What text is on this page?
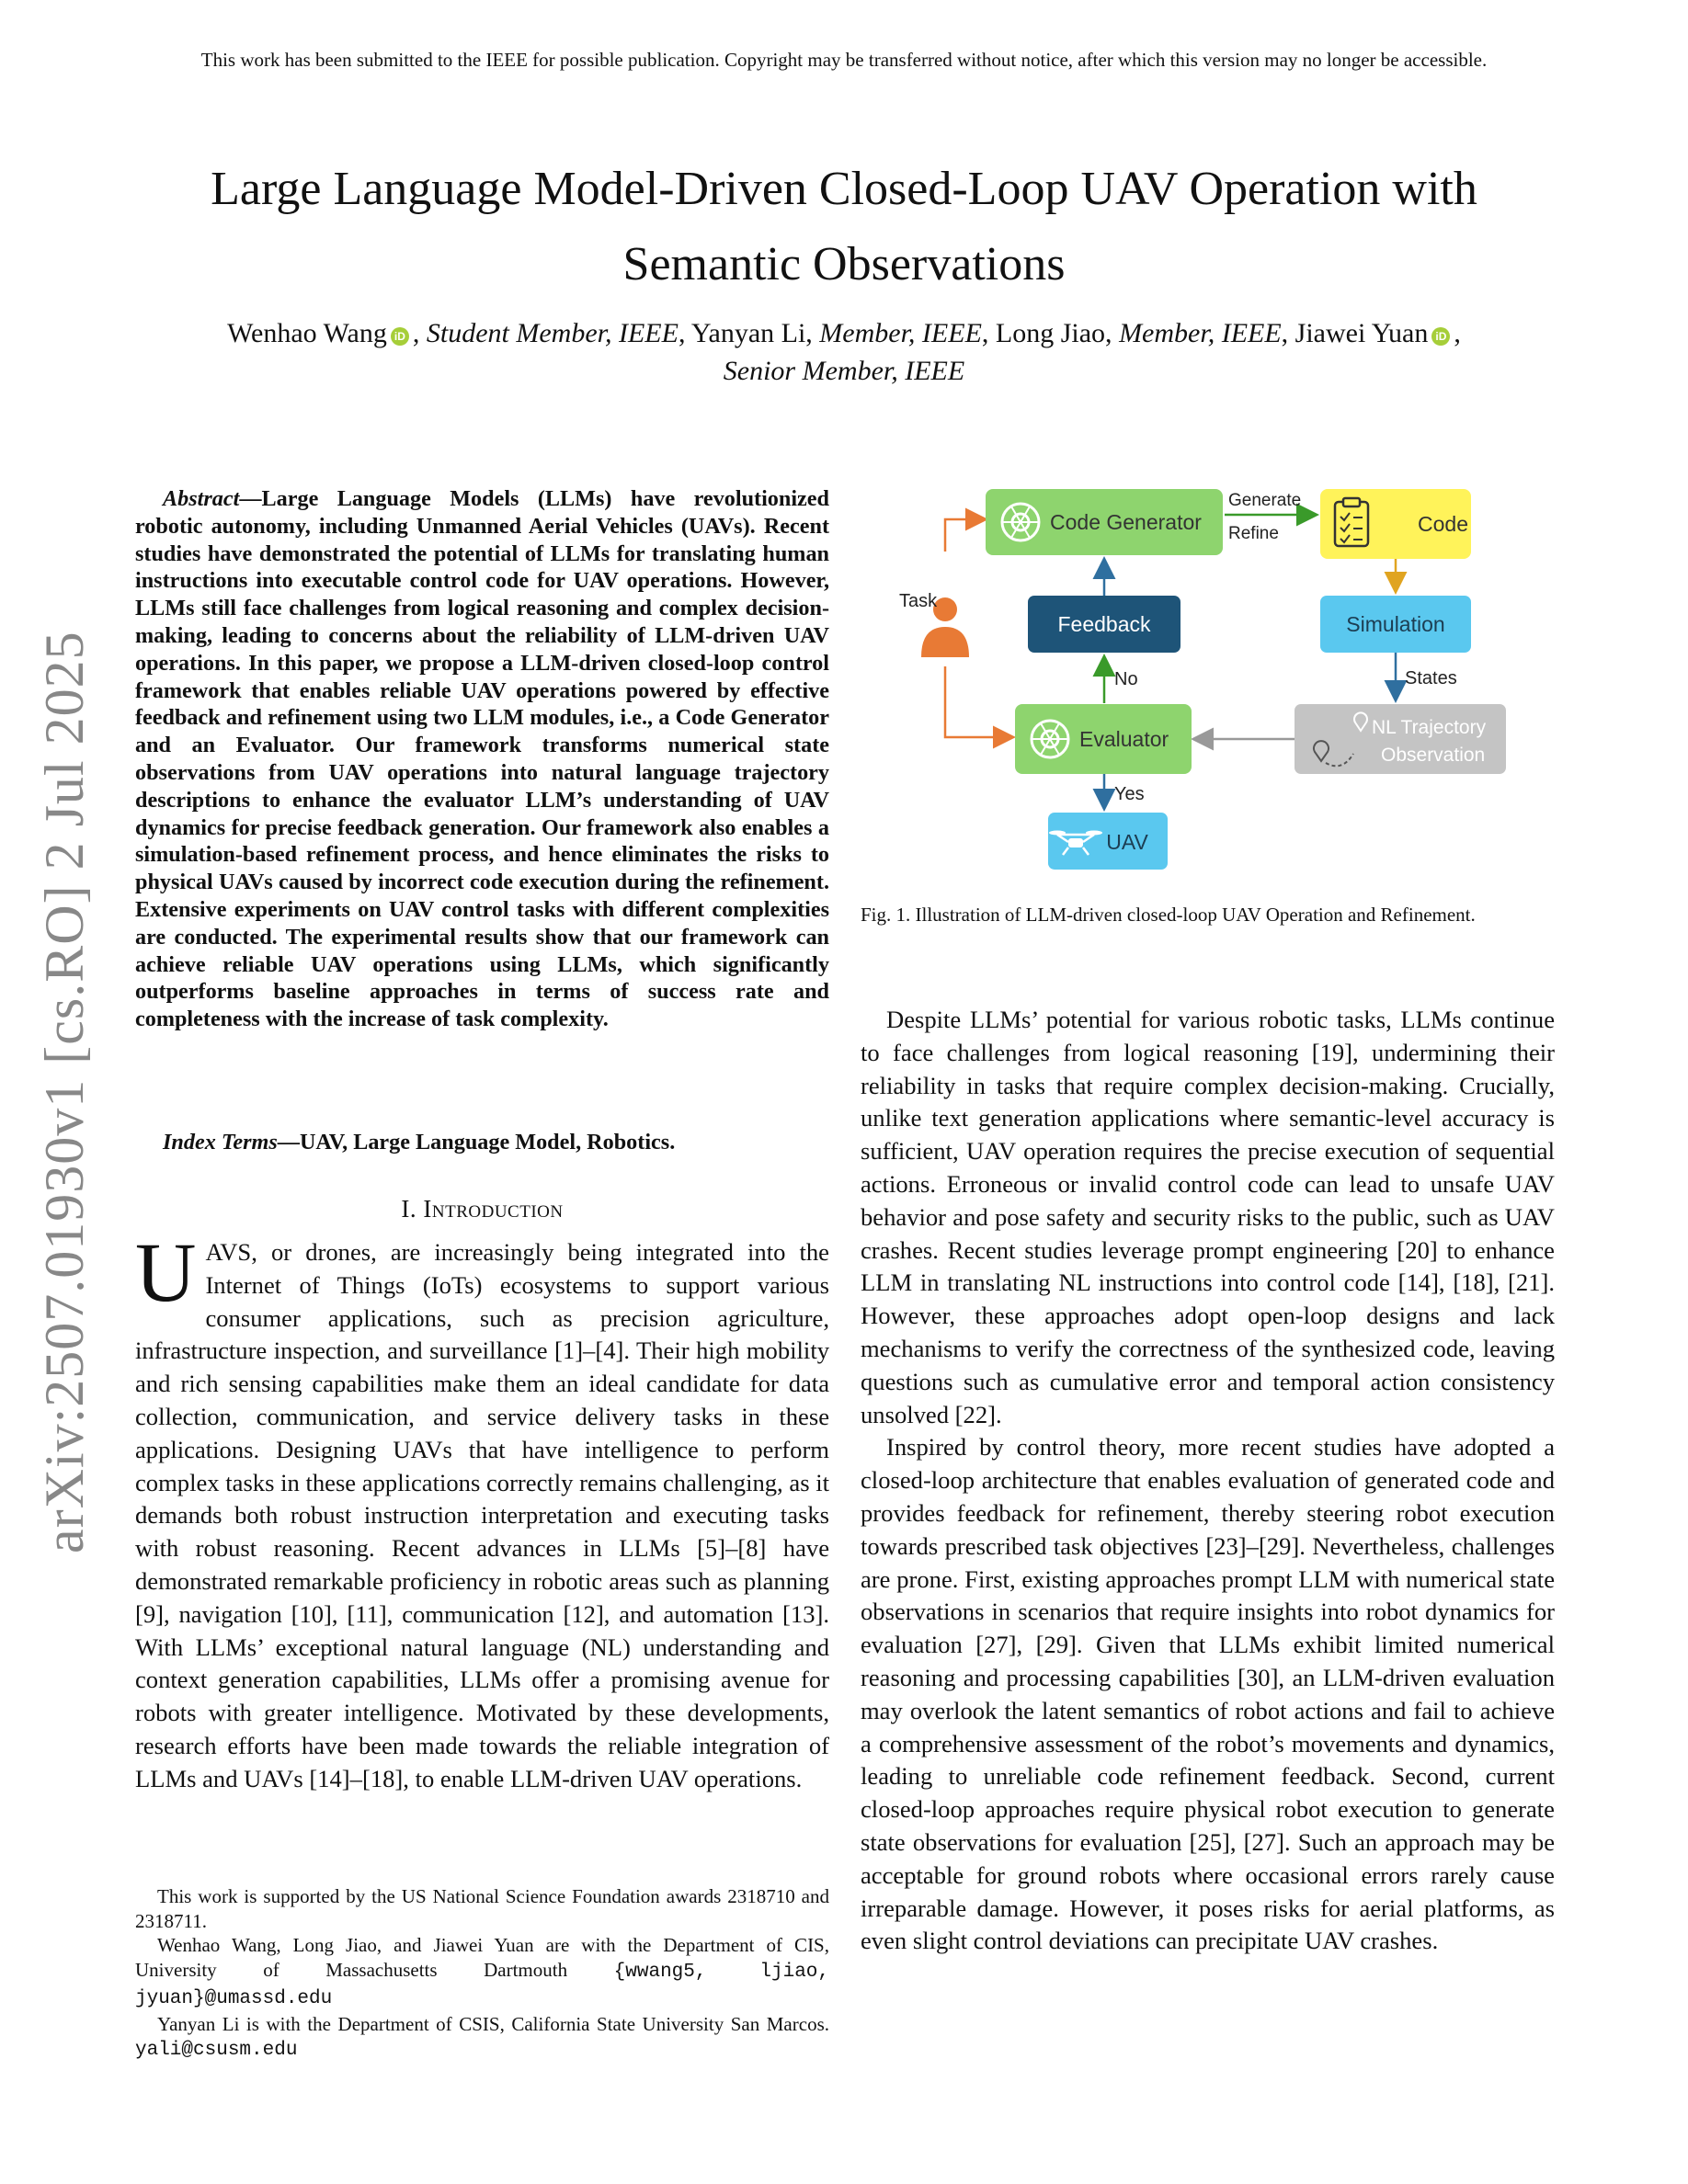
This work has been submitted to the IEEE for possible publication. Copyright may be transferred without notice, after which this version may no longer be accessible.
Large Language Model-Driven Closed-Loop UAV Operation with
Semantic Observations
Wenhao Wang iD , Student Member, IEEE, Yanyan Li, Member, IEEE, Long Jiao, Member, IEEE, Jiawei Yuan iD ,
Senior Member, IEEE
arXiv:2507.01930v1 [cs.RO] 2 Jul 2025

Abstract—Large Language Models (LLMs) have revolutionized robotic autonomy, including Unmanned Aerial Vehicles (UAVs). Recent studies have demonstrated the potential of LLMs for translating human instructions into executable control code for UAV operations. However, LLMs still face challenges from logical reasoning and complex decision-making, leading to concerns about the reliability of LLM-driven UAV operations. In this paper, we propose a LLM-driven closed-loop control framework that enables reliable UAV operations powered by effective feedback and refinement using two LLM modules, i.e., a Code Generator and an Evaluator. Our framework transforms numerical state observations from UAV operations into natural language trajectory descriptions to enhance the evaluator LLM’s understanding of UAV dynamics for precise feedback generation. Our framework also enables a simulation-based refinement process, and hence eliminates the risks to physical UAVs caused by incorrect code execution during the refinement. Extensive experiments on UAV control tasks with different complexities are conducted. The experimental results show that our framework can achieve reliable UAV operations using LLMs, which significantly outperforms baseline approaches in terms of success rate and completeness with the increase of task complexity.

Index Terms—UAV, Large Language Model, Robotics.

I. Introduction

UAVS, or drones, are increasingly being integrated into the Internet of Things (IoTs) ecosystems to support various consumer applications, such as precision agriculture, infrastructure inspection, and surveillance [1]–[4]. Their high mobility and rich sensing capabilities make them an ideal candidate for data collection, communication, and service delivery tasks in these applications. Designing UAVs that have intelligence to perform complex tasks in these applications correctly remains challenging, as it demands both robust instruction interpretation and executing tasks with robust reasoning. Recent advances in LLMs [5]–[8] have demonstrated remarkable proficiency in robotic areas such as planning [9], navigation [10], [11], communication [12], and automation [13]. With LLMs’ exceptional natural language (NL) understanding and context generation capabilities, LLMs offer a promising avenue for robots with greater intelligence. Motivated by these developments, research efforts have been made towards the reliable integration of LLMs and UAVs [14]–[18], to enable LLM-driven UAV operations.

This work is supported by the US National Science Foundation awards 2318710 and 2318711.

Wenhao Wang, Long Jiao, and Jiawei Yuan are with the Department of CIS, University of Massachusetts Dartmouth {wwang5, ljiao, jyuan}@umassd.edu

Yanyan Li is with the Department of CSIS, California State University San Marcos. yali@csusm.edu

Task
Code Generator
Generate
Refine	Code
Feedback	Simulation
States
No
NL Trajectory
Observation
Evaluator
Yes
UAV
Fig. 1. Illustration of LLM-driven closed-loop UAV Operation and Refinement.

Despite LLMs’ potential for various robotic tasks, LLMs continue to face challenges from logical reasoning [19], undermining their reliability in tasks that require complex decision-making. Crucially, unlike text generation applications where semantic-level accuracy is sufficient, UAV operation requires the precise execution of sequential actions. Erroneous or invalid control code can lead to unsafe UAV behavior and pose safety and security risks to the public, such as UAV crashes. Recent studies leverage prompt engineering [20] to enhance LLM in translating NL instructions into control code [14], [18], [21]. However, these approaches adopt open-loop designs and lack mechanisms to verify the correctness of the synthesized code, leaving questions such as cumulative error and temporal action consistency unsolved [22].

Inspired by control theory, more recent studies have adopted a closed-loop architecture that enables evaluation of generated code and provides feedback for refinement, thereby steering robot execution towards prescribed task objectives [23]–[29]. Nevertheless, challenges are prone. First, existing approaches prompt LLM with numerical state observations in scenarios that require insights into robot dynamics for evaluation [27], [29]. Given that LLMs exhibit limited numerical reasoning and processing capabilities [30], an LLM-driven evaluation may overlook the latent semantics of robot actions and fail to achieve a comprehensive assessment of the robot’s movements and dynamics, leading to unreliable code refinement feedback. Second, current closed-loop approaches require physical robot execution to generate state observations for evaluation [25], [27]. Such an approach may be acceptable for ground robots where occasional errors rarely cause irreparable damage. However, it poses risks for aerial platforms, as even slight control deviations can precipitate UAV crashes.
